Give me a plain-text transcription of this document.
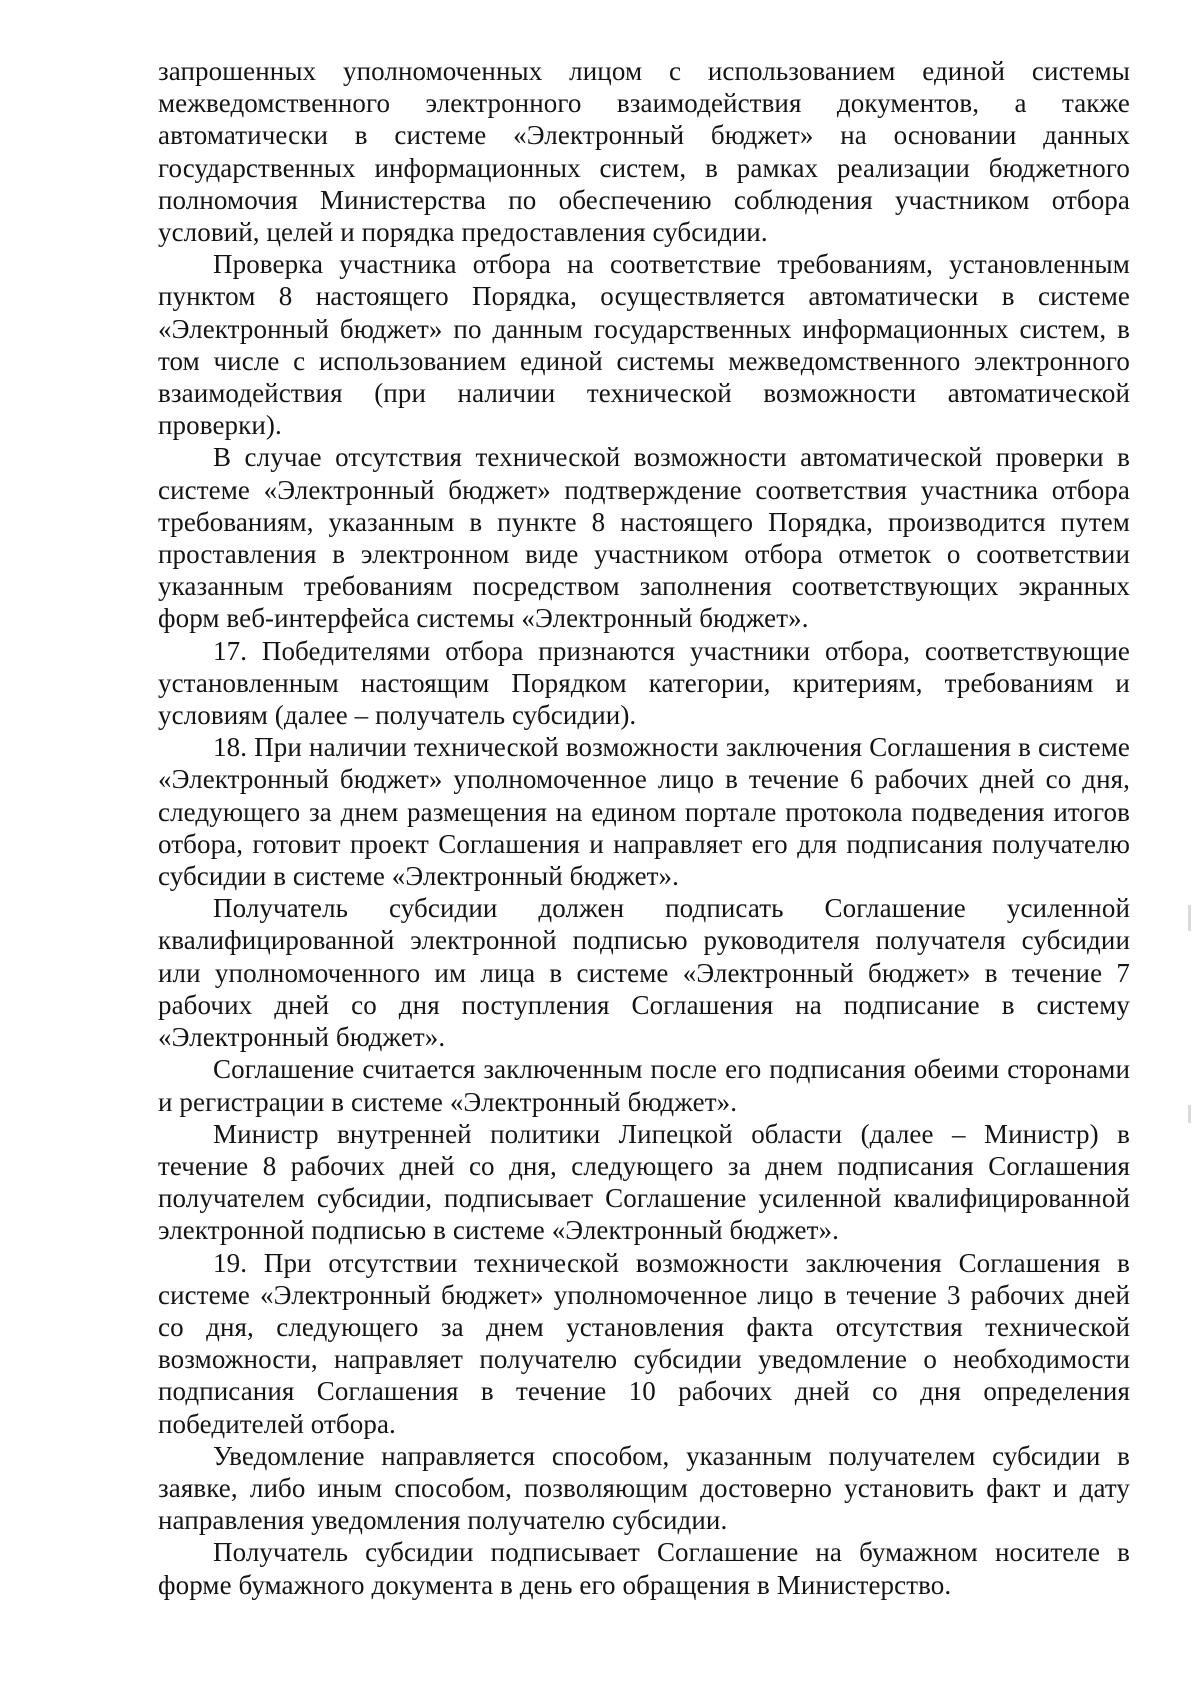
запрошенных уполномоченных лицом с использованием единой системы межведомственного электронного взаимодействия документов, а также автоматически в системе «Электронный бюджет» на основании данных государственных информационных систем, в рамках реализации бюджетного полномочия Министерства по обеспечению соблюдения участником отбора условий, целей и порядка предоставления субсидии.

Проверка участника отбора на соответствие требованиям, установленным пунктом 8 настоящего Порядка, осуществляется автоматически в системе «Электронный бюджет» по данным государственных информационных систем, в том числе с использованием единой системы межведомственного электронного взаимодействия (при наличии технической возможности автоматической проверки).

В случае отсутствия технической возможности автоматической проверки в системе «Электронный бюджет» подтверждение соответствия участника отбора требованиям, указанным в пункте 8 настоящего Порядка, производится путем проставления в электронном виде участником отбора отметок о соответствии указанным требованиям посредством заполнения соответствующих экранных форм веб-интерфейса системы «Электронный бюджет».

17. Победителями отбора признаются участники отбора, соответствующие установленным настоящим Порядком категории, критериям, требованиям и условиям (далее – получатель субсидии).

18. При наличии технической возможности заключения Соглашения в системе «Электронный бюджет» уполномоченное лицо в течение 6 рабочих дней со дня, следующего за днем размещения на едином портале протокола подведения итогов отбора, готовит проект Соглашения и направляет его для подписания получателю субсидии в системе «Электронный бюджет».

Получатель субсидии должен подписать Соглашение усиленной квалифицированной электронной подписью руководителя получателя субсидии или уполномоченного им лица в системе «Электронный бюджет» в течение 7 рабочих дней со дня поступления Соглашения на подписание в систему «Электронный бюджет».

Соглашение считается заключенным после его подписания обеими сторонами и регистрации в системе «Электронный бюджет».

Министр внутренней политики Липецкой области (далее – Министр) в течение 8 рабочих дней со дня, следующего за днем подписания Соглашения получателем субсидии, подписывает Соглашение усиленной квалифицированной электронной подписью в системе «Электронный бюджет».

19. При отсутствии технической возможности заключения Соглашения в системе «Электронный бюджет» уполномоченное лицо в течение 3 рабочих дней со дня, следующего за днем установления факта отсутствия технической возможности, направляет получателю субсидии уведомление о необходимости подписания Соглашения в течение 10 рабочих дней со дня определения победителей отбора.

Уведомление направляется способом, указанным получателем субсидии в заявке, либо иным способом, позволяющим достоверно установить факт и дату направления уведомления получателю субсидии.

Получатель субсидии подписывает Соглашение на бумажном носителе в форме бумажного документа в день его обращения в Министерство.
